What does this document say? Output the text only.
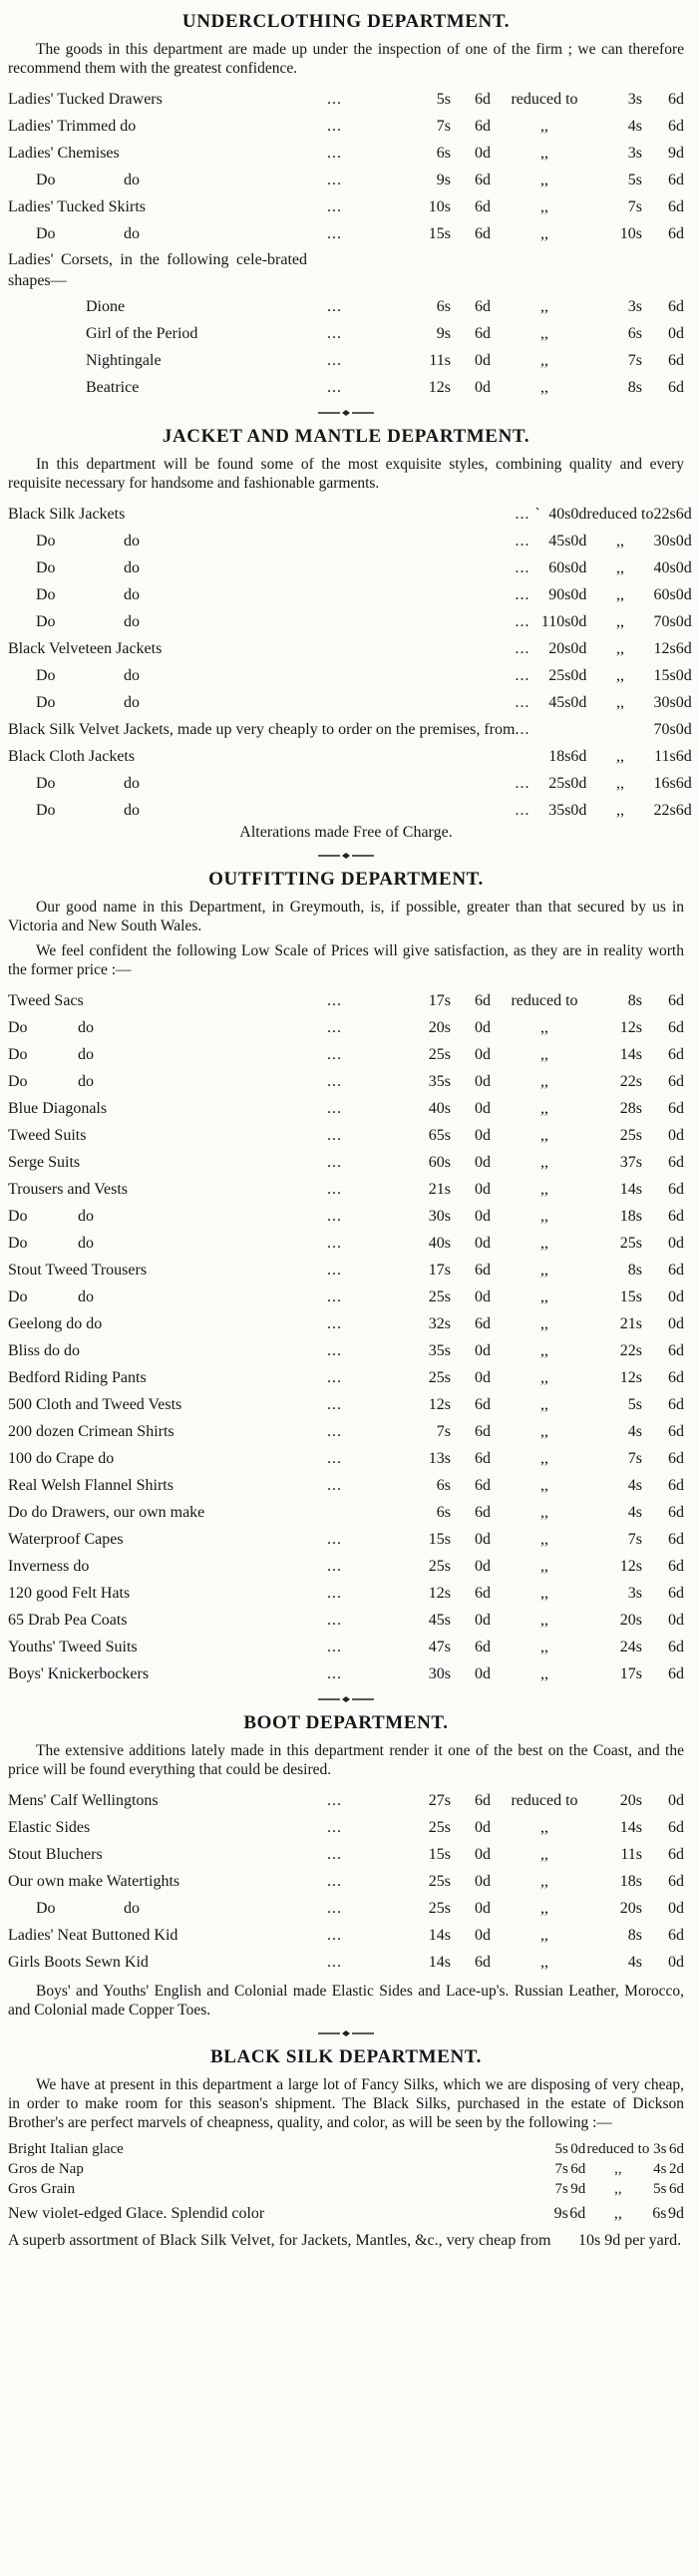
UNDERCLOTHING DEPARTMENT.

The goods in this department are made up under the inspection of one of the firm ; we can therefore recommend them with the greatest confidence.

Ladies' Tucked Drawers	...	5s	6d	reduced to	3s	6d
Ladies' Trimmed do	...	7s	6d	,,	4s	6d
Ladies' Chemises	...	6s	0d	,,	3s	9d
Do do	...	9s	6d	,,	5s	6d
Ladies' Tucked Skirts	...	10s	6d	,,	7s	6d
Do do	...	15s	6d	,,	10s	6d
Ladies' Corsets, in the following cele-brated shapes—
Dione	...	6s	6d	,,	3s	6d
Girl of the Period	...	9s	6d	,,	6s	0d
Nightingale	...	11s	0d	,,	7s	6d
Beatrice	...	12s	0d	,,	8s	6d
JACKET AND MANTLE DEPARTMENT.

In this department will be found some of the most exquisite styles, combining quality and every requisite necessary for handsome and fashionable garments.

Black Silk Jackets	... `	40s	0d	reduced to	22s	6d
Do do	...	45s	0d	,,	30s	0d
Do do	...	60s	0d	,,	40s	0d
Do do	...	90s	0d	,,	60s	0d
Do do	...	110s	0d	,,	70s	0d
Black Velveteen Jackets	...	20s	0d	,,	12s	6d
Do do	...	25s	0d	,,	15s	0d
Do do	...	45s	0d	,,	30s	0d
Black Silk Velvet Jackets, made up very cheaply to order on the premises, from	...				70s	0d
Black Cloth Jackets		18s	6d	,,	11s	6d
Do do	...	25s	0d	,,	16s	6d
Do do	...	35s	0d	,,	22s	6d
Alterations made Free of Charge.
OUTFITTING DEPARTMENT.

Our good name in this Department, in Greymouth, is, if possible, greater than that secured by us in Victoria and New South Wales.

We feel confident the following Low Scale of Prices will give satisfaction, as they are in reality worth the former price :—

Tweed Sacs	...	17s	6d	reduced to	8s	6d
Do do	...	20s	0d	,,	12s	6d
Do do	...	25s	0d	,,	14s	6d
Do do	...	35s	0d	,,	22s	6d
Blue Diagonals	...	40s	0d	,,	28s	6d
Tweed Suits	...	65s	0d	,,	25s	0d
Serge Suits	...	60s	0d	,,	37s	6d
Trousers and Vests	...	21s	0d	,,	14s	6d
Do do	...	30s	0d	,,	18s	6d
Do do	...	40s	0d	,,	25s	0d
Stout Tweed Trousers	...	17s	6d	,,	8s	6d
Do do	...	25s	0d	,,	15s	0d
Geelong do do	...	32s	6d	,,	21s	0d
Bliss do do	...	35s	0d	,,	22s	6d
Bedford Riding Pants	...	25s	0d	,,	12s	6d
500 Cloth and Tweed Vests	...	12s	6d	,,	5s	6d
200 dozen Crimean Shirts	...	7s	6d	,,	4s	6d
100 do Crape do	...	13s	6d	,,	7s	6d
Real Welsh Flannel Shirts	...	6s	6d	,,	4s	6d
Do do Drawers, our own make		6s	6d	,,	4s	6d
Waterproof Capes	...	15s	0d	,,	7s	6d
Inverness do	...	25s	0d	,,	12s	6d
120 good Felt Hats	...	12s	6d	,,	3s	6d
65 Drab Pea Coats	...	45s	0d	,,	20s	0d
Youths' Tweed Suits	...	47s	6d	,,	24s	6d
Boys' Knickerbockers	...	30s	0d	,,	17s	6d
BOOT DEPARTMENT.

The extensive additions lately made in this department render it one of the best on the Coast, and the price will be found everything that could be desired.

Mens' Calf Wellingtons	...	27s	6d	reduced to	20s	0d
Elastic Sides	...	25s	0d	,,	14s	6d
Stout Bluchers	...	15s	0d	,,	11s	6d
Our own make Watertights	...	25s	0d	,,	18s	6d
Do do	...	25s	0d	,,	20s	0d
Ladies' Neat Buttoned Kid	...	14s	0d	,,	8s	6d
Girls Boots Sewn Kid	...	14s	6d	,,	4s	0d

Boys' and Youths' English and Colonial made Elastic Sides and Lace-up's. Russian Leather, Morocco, and Colonial made Copper Toes.

BLACK SILK DEPARTMENT.

We have at present in this department a large lot of Fancy Silks, which we are disposing of very cheap, in order to make room for this season's shipment. The Black Silks, purchased in the estate of Dickson Brother's are perfect marvels of cheapness, quality, and color, as will be seen by the following :—

Bright Italian glace		5s	0d	reduced to	3s	6d
Gros de Nap		7s	6d	,,	4s	2d
Gros Grain		7s	9d	,,	5s	6d
New violet-edged Glace. Splendid color		9s	6d	,,	6s	9d
A superb assortment of Black Silk Velvet, for Jackets, Mantles, &c., very cheap from		10s 9d per yard.				
